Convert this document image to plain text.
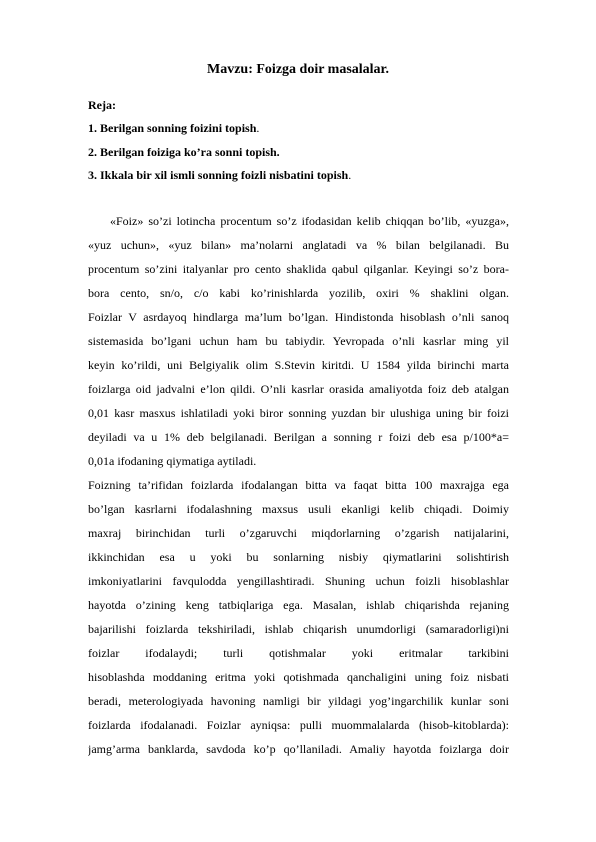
Mavzu: Foizga doir masalalar.
Reja:
1. Berilgan sonning foizini topish.
2. Berilgan foiziga ko’ra sonni topish.
3. Ikkala bir xil ismli sonning foizli nisbatini topish.
«Foiz» so’zi lotincha procentum so’z ifodasidan kelib chiqqan bo’lib, «yuzga»,
«yuz uchun», «yuz bilan» ma’nolarni anglatadi va % bilan belgilanadi. Bu
procentum so’zini italyanlar pro cento shaklida qabul qilganlar. Keyingi so’z bora-
bora cento, sn/o, c/o kabi ko’rinishlarda yozilib, oxiri % shaklini olgan.
Foizlar V asrdayoq hindlarga ma’lum bo’lgan. Hindistonda hisoblash o’nli sanoq
sistemasida bo’lgani uchun ham bu tabiydir. Yevropada o’nli kasrlar ming yil
keyin ko’rildi, uni Belgiyalik olim S.Stevin kiritdi. U 1584 yilda birinchi marta
foizlarga oid jadvalni e’lon qildi. O’nli kasrlar orasida amaliyotda foiz deb atalgan
0,01 kasr masxus ishlatiladi yoki biror sonning yuzdan bir ulushiga uning bir foizi
deyiladi va u 1% deb belgilanadi. Berilgan a sonning r foizi deb esa p/100*a=
0,01a ifodaning qiymatiga aytiladi.
Foizning ta’rifidan foizlarda ifodalangan bitta va faqat bitta 100 maxrajga ega
bo’lgan kasrlarni ifodalashning maxsus usuli ekanligi kelib chiqadi. Doimiy
maxraj birinchidan turli o’zgaruvchi miqdorlarning o’zgarish natijalarini,
ikkinchidan esa u yoki bu sonlarning nisbiy qiymatlarini solishtirish
imkoniyatlarini favqulodda yengillashtiradi. Shuning uchun foizli hisoblashlar
hayotda o’zining keng tatbiqlariga ega. Masalan, ishlab chiqarishda rejaning
bajarilishi foizlarda tekshiriladi, ishlab chiqarish unumdorligi (samaradorligi)ni
foizlar ifodalaydi; turli qotishmalar yoki eritmalar tarkibini
hisoblashda moddaning eritma yoki qotishmada qanchaligini uning foiz nisbati
beradi, meterologiyada havoning namligi bir yildagi yog’ingarchilik kunlar soni
foizlarda ifodalanadi. Foizlar ayniqsa: pulli muommalalarda (hisob-kitoblarda):
jamg’arma banklarda, savdoda ko’p qo’llaniladi. Amaliy hayotda foizlarga doir
